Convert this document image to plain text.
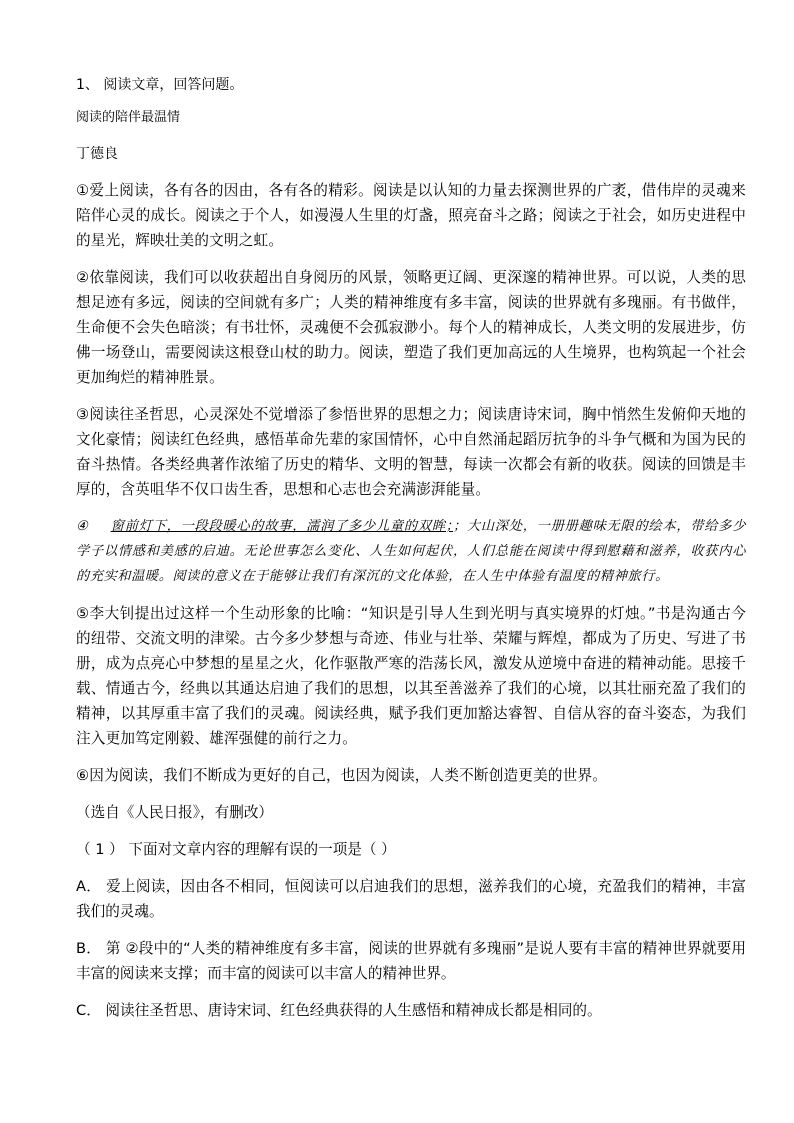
1、 阅读文章，回答问题。

阅读的陪伴最温情

丁德良

①爱上阅读，各有各的因由，各有各的精彩。阅读是以认知的力量去探测世界的广袤，借伟岸的灵魂来陪伴心灵的成长。阅读之于个人，如漫漫人生里的灯盏，照亮奋斗之路；阅读之于社会，如历史进程中的星光，辉映壮美的文明之虹。

②依靠阅读，我们可以收获超出自身阅历的风景，领略更辽阔、更深邃的精神世界。可以说，人类的思想足迹有多远，阅读的空间就有多广；人类的精神维度有多丰富，阅读的世界就有多瑰丽。有书做伴，生命便不会失色暗淡；有书壮怀，灵魂便不会孤寂渺小。每个人的精神成长，人类文明的发展进步，仿佛一场登山，需要阅读这根登山杖的助力。阅读，塑造了我们更加高远的人生境界，也构筑起一个社会更加绚烂的精神胜景。

③阅读往圣哲思，心灵深处不觉增添了参悟世界的思想之力；阅读唐诗宋词，胸中悄然生发俯仰天地的文化豪情；阅读红色经典，感悟革命先辈的家国情怀，心中自然涌起蹈厉抗争的斗争气概和为国为民的奋斗热情。各类经典著作浓缩了历史的精华、文明的智慧，每读一次都会有新的收获。阅读的回馈是丰厚的，含英咀华不仅口齿生香，思想和心志也会充满澎湃能量。

④ 窗前灯下，一段段暖心的故事，濡润了多少儿童的双眸；；大山深处，一册册趣味无限的绘本，带给多少学子以情感和美感的启迪。无论世事怎么变化、人生如何起伏，人们总能在阅读中得到慰藉和滋养，收获内心的充实和温暖。阅读的意义在于能够让我们有深沉的文化体验，在人生中体验有温度的精神旅行。

⑤李大钊提出过这样一个生动形象的比喻：“知识是引导人生到光明与真实境界的灯烛。”书是沟通古今的纽带、交流文明的津梁。古今多少梦想与奇迹、伟业与壮举、荣耀与辉煌，都成为了历史、写进了书册，成为点亮心中梦想的星星之火，化作驱散严寒的浩荡长风，激发从逆境中奋进的精神动能。思接千载、情通古今，经典以其通达启迪了我们的思想，以其至善滋养了我们的心境，以其壮丽充盈了我们的精神，以其厚重丰富了我们的灵魂。阅读经典，赋予我们更加豁达睿智、自信从容的奋斗姿态，为我们注入更加笃定刚毅、雄浑强健的前行之力。

⑥因为阅读，我们不断成为更好的自己，也因为阅读，人类不断创造更美的世界。

（选自《人民日报》，有删改）

（ 1 ） 下面对文章内容的理解有误的一项是（ ）

A． 爱上阅读，因由各不相同，恒阅读可以启迪我们的思想，滋养我们的心境，充盈我们的精神，丰富我们的灵魂。

B． 第 ②段中的“人类的精神维度有多丰富，阅读的世界就有多瑰丽”是说人要有丰富的精神世界就要用丰富的阅读来支撑；而丰富的阅读可以丰富人的精神世界。

C． 阅读往圣哲思、唐诗宋词、红色经典获得的人生感悟和精神成长都是相同的。
